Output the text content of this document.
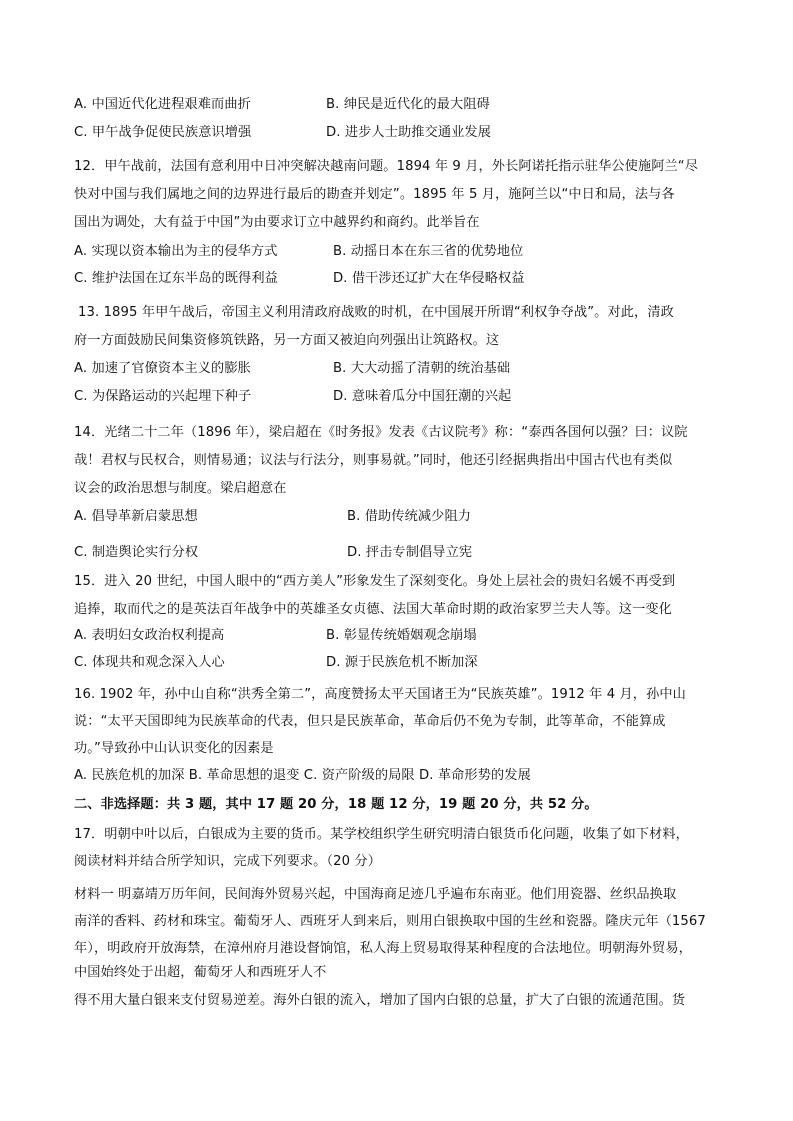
A. 中国近代化进程艰难而曲折	B. 绅民是近代化的最大阻碍
C. 甲午战争促使民族意识增强	D. 进步人士助推交通业发展
12．甲午战前，法国有意利用中日冲突解决越南问题。1894 年 9 月，外长阿诺托指示驻华公使施阿兰“尽
快对中国与我们属地之间的边界进行最后的勘查并划定”。1895 年 5 月，施阿兰以“中日和局，法与各
国出为调处，大有益于中国”为由要求订立中越界约和商约。此举旨在
A. 实现以资本输出为主的侵华方式	B. 动摇日本在东三省的优势地位
C. 维护法国在辽东半岛的既得利益	D. 借干涉还辽扩大在华侵略权益
13. 1895 年甲午战后，帝国主义利用清政府战败的时机，在中国展开所谓“利权争夺战”。对此，清政
府一方面鼓励民间集资修筑铁路，另一方面又被迫向列强出让筑路权。这
A. 加速了官僚资本主义的膨胀	B. 大大动摇了清朝的统治基础
C. 为保路运动的兴起埋下种子	D. 意味着瓜分中国狂潮的兴起
14．光绪二十二年（1896 年），梁启超在《时务报》发表《古议院考》称：“泰西各国何以强？曰：议院
哉！君权与民权合，则情易通；议法与行法分，则事易就。”同时，他还引经据典指出中国古代也有类似
议会的政治思想与制度。梁启超意在
A. 倡导革新启蒙思想	B. 借助传统减少阻力
C. 制造舆论实行分权	D. 抨击专制倡导立宪
15．进入 20 世纪，中国人眼中的“西方美人”形象发生了深刻变化。身处上层社会的贵妇名媛不再受到
追捧，取而代之的是英法百年战争中的英雄圣女贞德、法国大革命时期的政治家罗兰夫人等。这一变化
A. 表明妇女政治权利提高	B. 彰显传统婚姻观念崩塌
C. 体现共和观念深入人心	D. 源于民族危机不断加深
16. 1902 年，孙中山自称“洪秀全第二”，高度赞扬太平天国诸王为“民族英雄”。1912 年 4 月，孙中山
说：“太平天国即纯为民族革命的代表，但只是民族革命，革命后仍不免为专制，此等革命，不能算成
功。”导致孙中山认识变化的因素是
A. 民族危机的加深 B. 革命思想的退变 C. 资产阶级的局限 D. 革命形势的发展
二、非选择题：共 3 题，其中 17 题 20 分，18 题 12 分，19 题 20 分，共 52 分。
17．明朝中叶以后，白银成为主要的货币。某学校组织学生研究明清白银货币化问题，收集了如下材料，
阅读材料并结合所学知识，完成下列要求。（20 分）
材料一 明嘉靖万历年间，民间海外贸易兴起，中国海商足迹几乎遍布东南亚。他们用瓷器、丝织品换取
南洋的香料、药材和珠宝。葡萄牙人、西班牙人到来后，则用白银换取中国的生丝和瓷器。隆庆元年（1567
年），明政府开放海禁，在漳州府月港设督饷馆，私人海上贸易取得某种程度的合法地位。明朝海外贸易，
中国始终处于出超，葡萄牙人和西班牙人不
得不用大量白银来支付贸易逆差。海外白银的流入，增加了国内白银的总量，扩大了白银的流通范围。货
